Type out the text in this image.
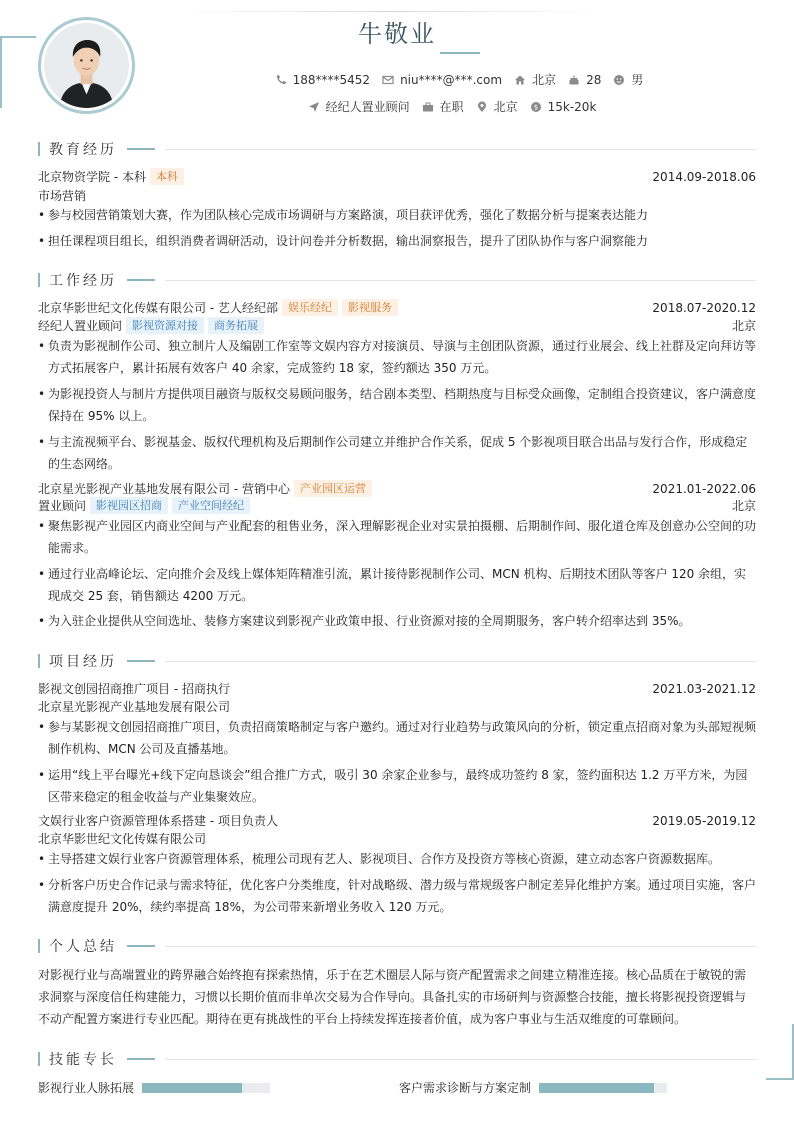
牛敬业
188****5452	niu****@***.com	北京	28	男
经纪人置业顾问	在职	北京 $ 15k-20k
教育经历
北京物资学院 - 本科 本科	2014.09-2018.06
市场营销
• 参与校园营销策划大赛，作为团队核心完成市场调研与方案路演，项目获评优秀，强化了数据分析与提案表达能力
• 担任课程项目组长，组织消费者调研活动，设计问卷并分析数据，输出洞察报告，提升了团队协作与客户洞察能力
工作经历
北京华影世纪文化传媒有限公司 - 艺人经纪部 娱乐经纪	影视服务	2018.07-2020.12
经纪人置业顾问 影视资源对接	商务拓展	北京
• 负责为影视制作公司、独立制片人及编剧工作室等文娱内容方对接演员、导演与主创团队资源，通过行业展会、线上社群及定向拜访等方式拓展客户，累计拓展有效客户 40 余家，完成签约 18 家，签约额达 350 万元。
• 为影视投资人与制片方提供项目融资与版权交易顾问服务，结合剧本类型、档期热度与目标受众画像，定制组合投资建议，客户满意度保持在 95% 以上。
• 与主流视频平台、影视基金、版权代理机构及后期制作公司建立并维护合作关系，促成 5 个影视项目联合出品与发行合作，形成稳定的生态网络。
北京星光影视产业基地发展有限公司 - 营销中心 产业园区运营	2021.01-2022.06
置业顾问 影视园区招商	产业空间经纪	北京
• 聚焦影视产业园区内商业空间与产业配套的租售业务，深入理解影视企业对实景拍摄棚、后期制作间、服化道仓库及创意办公空间的功能需求。
• 通过行业高峰论坛、定向推介会及线上媒体矩阵精准引流，累计接待影视制作公司、MCN 机构、后期技术团队等客户 120 余组，实现成交 25 套，销售额达 4200 万元。
• 为入驻企业提供从空间选址、装修方案建议到影视产业政策申报、行业资源对接的全周期服务，客户转介绍率达到 35%。
项目经历
影视文创园招商推广项目 - 招商执行	2021.03-2021.12
北京星光影视产业基地发展有限公司
• 参与某影视文创园招商推广项目，负责招商策略制定与客户邀约。通过对行业趋势与政策风向的分析，锁定重点招商对象为头部短视频制作机构、MCN 公司及直播基地。
• 运用“线上平台曝光+线下定向恳谈会”组合推广方式，吸引 30 余家企业参与，最终成功签约 8 家，签约面积达 1.2 万平方米，为园区带来稳定的租金收益与产业集聚效应。
文娱行业客户资源管理体系搭建 - 项目负责人	2019.05-2019.12
北京华影世纪文化传媒有限公司
• 主导搭建文娱行业客户资源管理体系，梳理公司现有艺人、影视项目、合作方及投资方等核心资源，建立动态客户资源数据库。
• 分析客户历史合作记录与需求特征，优化客户分类维度，针对战略级、潜力级与常规级客户制定差异化维护方案。通过项目实施，客户满意度提升 20%，续约率提高 18%，为公司带来新增业务收入 120 万元。
个人总结
对影视行业与高端置业的跨界融合始终抱有探索热情，乐于在艺术圈层人际与资产配置需求之间建立精准连接。核心品质在于敏锐的需求洞察与深度信任构建能力，习惯以长期价值而非单次交易为合作导向。具备扎实的市场研判与资源整合技能，擅长将影视投资逻辑与不动产配置方案进行专业匹配。期待在更有挑战性的平台上持续发挥连接者价值，成为客户事业与生活双维度的可靠顾问。
技能专长
影视行业人脉拓展	客户需求诊断与方案定制
